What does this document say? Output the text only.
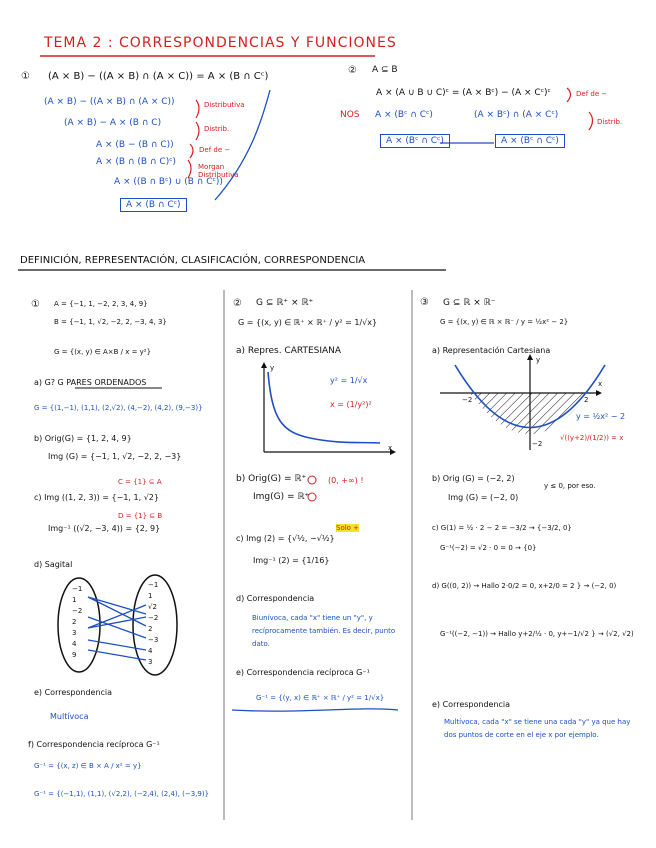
TEMA 2 : CORRESPONDENCIAS Y FUNCIONES
① (A × B) − ((A × B) ∩ (A × C)) = A × (B ∩ Cᶜ)
(A × B) − ((A × B) ∩ (A × C))	Distributiva
(A × B) − A × (B ∩ C)
Distrib.
A × (B − (B ∩ C))	Def de −
A × (B ∩ (B ∩ C)ᶜ)	Morgan Distributiva
A × ((B ∩ Bᶜ) ∪ (B ∩ Cᶜ))
A × (B ∩ Cᶜ)
② A ⊆ B
A × (A ∪ B ∪ C)ᶜ = (A × Bᶜ) − (A × Cᶜ)ᶜ	Def de −
NOS A × (Bᶜ ∩ Cᶜ)	(A × Bᶜ) ∩ (A × Cᶜ)
Distrib.
A × (Bᶜ ∩ Cᶜ)	A × (Bᶜ ∩ Cᶜ)
DEFINICIÓN, REPRESENTACIÓN, CLASIFICACIÓN, CORRESPONDENCIA
① A = {−1, 1, −2, 2, 3, 4, 9}
B = {−1, 1, √2, −2, 2, −3, 4, 3}
G = {(x, y) ∈ A×B / x = y²}
a) G? G PARES ORDENADOS
G = {(1,−1), (1,1), (2,√2), (4,−2), (4,2), (9,−3)}
b) Orig(G) = {1, 2, 4, 9}
Img (G) = {−1, 1, √2, −2, 2, −3}
C = {1} ⊆ A
c) Img ((1, 2, 3)) = {−1, 1, √2}
D = {1} ⊆ B
Img⁻¹ ((√2, −3, 4)) = {2, 9}
d) Sagital
−1
1
−2
2
3
4
9
−1
1
√2
−2
2
−3
4
3
e) Correspondencia
Multívoca
f) Correspondencia recíproca G⁻¹
G⁻¹ = {(x, z) ∈ B × A / x² = y}
G⁻¹ = {(−1,1), (1,1), (√2,2), (−2,4), (2,4), (−3,9)}
② G ⊆ ℝ⁺ × ℝ⁺
G = {(x, y) ∈ ℝ⁺ × ℝ⁺ / y² = 1/√x}
a) Repres. CARTESIANA
y
x
y² = 1/√x
x = (1/y²)²
b) Orig(G) = ℝ⁺	(0, +∞) !
Img(G) = ℝ⁺
c) Img (2) = {√½, −√½}
Solo +
Img⁻¹ (2) = {1/16}
d) Correspondencia
Biunívoca, cada "x" tiene un "y", y recíprocamente también. Es decir, punto dato.
e) Correspondencia recíproca G⁻¹
G⁻¹ = {(y, x) ∈ ℝ⁺ × ℝ⁺ / y² = 1/√x}
③ G ⊆ ℝ × ℝ⁻
G = {(x, y) ∈ ℝ × ℝ⁻ / y = ½x² − 2}
a) Representación Cartesiana
y
x
−2	2
−2
y = ½x² − 2
√((y+2)/(1/2)) = x
b) Orig (G) = (−2, 2)
y ≤ 0, por eso.
Img (G) = (−2, 0)
c) G(1) = ½ · 2 − 2 = −3/2 → {−3/2, 0}
G⁻¹(−2) = √2 · 0 = 0 → {0}
d) G((0, 2)) → Hallo 2·0/2 = 0, x+2/0 = 2 } → (−2, 0)
G⁻¹((−2, −1)) → Hallo y+2/½ · 0, y+−1/√2 } → (√2, √2)
e) Correspondencia
Multívoca, cada "x" se tiene una cada "y" ya que hay dos puntos de corte en el eje x por ejemplo.
